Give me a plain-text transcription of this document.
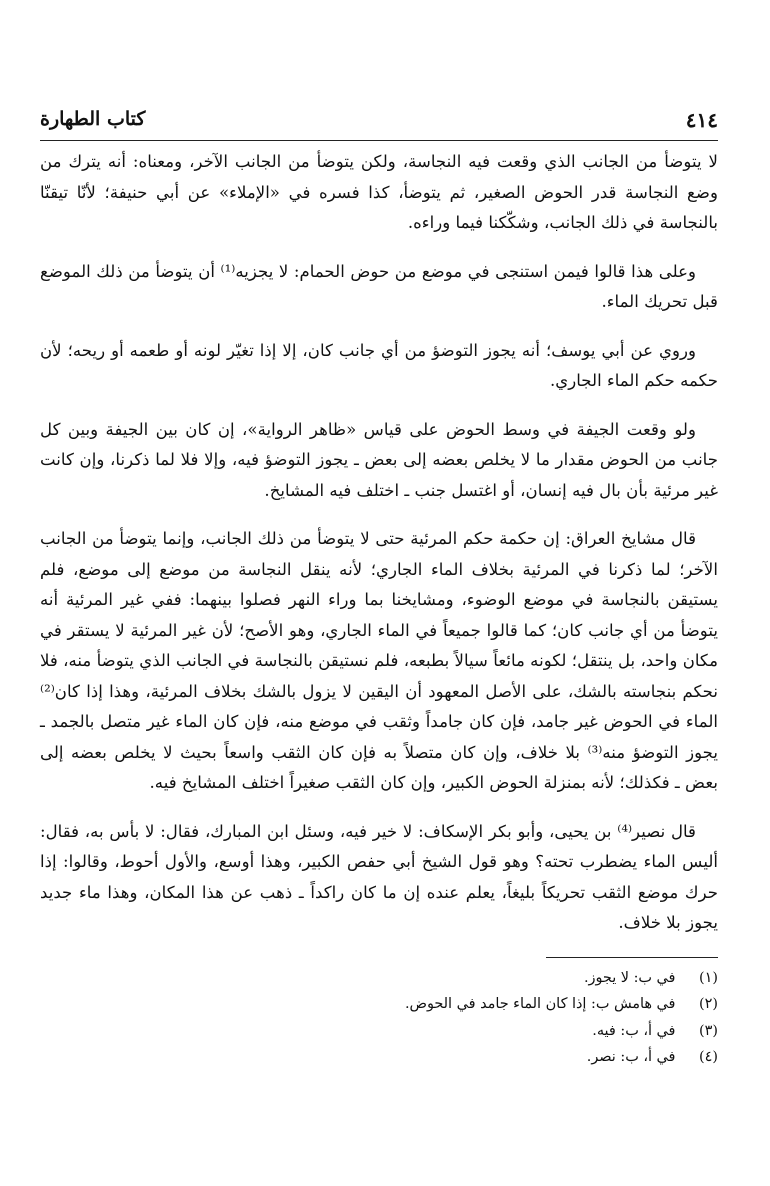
٤١٤
كتاب الطهارة

لا يتوضأ من الجانب الذي وقعت فيه النجاسة، ولكن يتوضأ من الجانب الآخر، ومعناه: أنه يترك من وضع النجاسة قدر الحوض الصغير، ثم يتوضأ، كذا فسره في «الإملاء» عن أبي حنيفة؛ لأنّا تيقنّا بالنجاسة في ذلك الجانب، وشكّكنا فيما وراءه.

وعلى هذا قالوا فيمن استنجى في موضع من حوض الحمام: لا يجزيه⁽¹⁾ أن يتوضأ من ذلك الموضع قبل تحريك الماء.

وروي عن أبي يوسف؛ أنه يجوز التوضؤ من أي جانب كان، إلا إذا تغيّر لونه أو طعمه أو ريحه؛ لأن حكمه حكم الماء الجاري.

ولو وقعت الجيفة في وسط الحوض على قياس «ظاهر الرواية»، إن كان بين الجيفة وبين كل جانب من الحوض مقدار ما لا يخلص بعضه إلى بعض ـ يجوز التوضؤ فيه، وإلا فلا لما ذكرنا، وإن كانت غير مرئية بأن بال فيه إنسان، أو اغتسل جنب ـ اختلف فيه المشايخ.

قال مشايخ العراق: إن حكمة حكم المرئية حتى لا يتوضأ من ذلك الجانب، وإنما يتوضأ من الجانب الآخر؛ لما ذكرنا في المرئية بخلاف الماء الجاري؛ لأنه ينقل النجاسة من موضع إلى موضع، فلم يستيقن بالنجاسة في موضع الوضوء، ومشايخنا بما وراء النهر فصلوا بينهما: ففي غير المرئية أنه يتوضأ من أي جانب كان؛ كما قالوا جميعاً في الماء الجاري، وهو الأصح؛ لأن غير المرئية لا يستقر في مكان واحد، بل ينتقل؛ لكونه مائعاً سيالاً بطبعه، فلم نستيقن بالنجاسة في الجانب الذي يتوضأ منه، فلا نحكم بنجاسته بالشك، على الأصل المعهود أن اليقين لا يزول بالشك بخلاف المرئية، وهذا إذا كان⁽²⁾ الماء في الحوض غير جامد، فإن كان جامداً وثقب في موضع منه، فإن كان الماء غير متصل بالجمد ـ يجوز التوضؤ منه⁽³⁾ بلا خلاف، وإن كان متصلاً به فإن كان الثقب واسعاً بحيث لا يخلص بعضه إلى بعض ـ فكذلك؛ لأنه بمنزلة الحوض الكبير، وإن كان الثقب صغيراً اختلف المشايخ فيه.

قال نصير⁽⁴⁾ بن يحيى، وأبو بكر الإسكاف: لا خير فيه، وسئل ابن المبارك، فقال: لا بأس به، فقال: أليس الماء يضطرب تحته؟ وهو قول الشيخ أبي حفص الكبير، وهذا أوسع، والأول أحوط، وقالوا: إذا حرك موضع الثقب تحريكاً بليغاً، يعلم عنده إن ما كان راكداً ـ ذهب عن هذا المكان، وهذا ماء جديد يجوز بلا خلاف.

(١) في ب: لا يجوز.
(٢) في هامش ب: إذا كان الماء جامد في الحوض.
(٣) في أ، ب: فيه.
(٤) في أ، ب: نصر.
